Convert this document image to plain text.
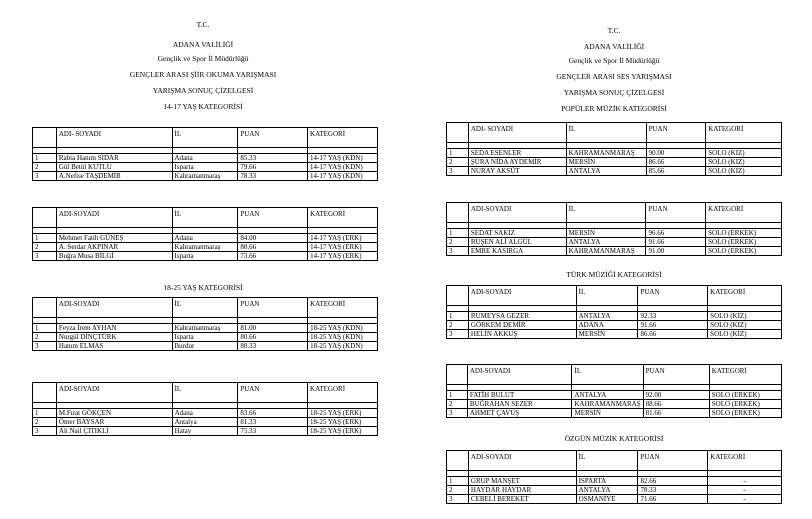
T.C.
ADANA VALİLİĞİ
Gençlik ve Spor İl Müdürlüğü
GENÇLER ARASI ŞİİR OKUMA YARIŞMASI
YARIŞMA SONUÇ ÇİZELGESİ
14-17 YAŞ KATEGORİSİ
	ADI- SOYADI	İL	PUAN	KATEGORİ

1	Rabia Hanım SIDAR	Adana	85.33	14-17 YAŞ (KDN)
2	Gül Betül KUTLU	Isparta	79.66	14-17 YAŞ (KDN)
3	A.Nefise TAŞDEMİR	Kahramanmaraş	78.33	14-17 YAŞ (KDN)
	ADI-SOYADI	İL	PUAN	KATEGORİ

1	Mehmet Fatih GÜNEŞ	Adana	84.00	14-17 YAŞ (ERK)
2	A. Serdar AKPINAR	Kahramanmaraş	80.66	14-17 YAŞ (ERK)
3	Buğra Musa BİLGİ	Isparta	73.66	14-17 YAŞ (ERK)
18-25 YAŞ KATEGORİSİ
	ADI-SOYADI	İL	PUAN	KATEGORİ

1	Feyza İrem AYHAN	Kahramanmaraş	81.00	18-25 YAŞ (KDN)
2	Nurgül DİNÇTÜRK	Isparta	80.66	18-25 YAŞ (KDN)
3	Hanım ELMAS	Burdur	80.33	18-25 YAŞ (KDN)
	ADI-SOYADI	İL	PUAN	KATEGORİ

1	M.Fırat GÖKÇEN	Adana	83.66	18-25 YAŞ (ERK)
2	Ömer BAYSAR	Antalya	81.33	18-25 YAŞ (ERK)
3	Ali Nail ÇITIKLI	Hatay	75.33	18-25 YAŞ (ERK)
T.C.
ADANA VALİLİĞİ
Gençlik ve Spor İl Müdürlüğü
GENÇLER ARASI SES YARIŞMASI
YARIŞMA SONUÇ ÇİZELGESİ
POPÜLER MÜZİK KATEGORİSİ
	ADI- SOYADI	İL	PUAN	KATEGORİ

1	SEDA ESENLER	KAHRAMANMARAŞ	90.00	SOLO (KIZ)
2	ŞURA NİDA AYDEMİR	MERSİN	86.66	SOLO (KIZ)
3	NURAY AKSÜT	ANTALYA	85.66	SOLO (KIZ)
	ADI-SOYADI	İL	PUAN	KATEGORİ

1	SEDAT SAKIZ	MERSİN	96.66	SOLO (ERKEK)
2	RUŞEN ALİ ALGÜL	ANTALYA	91.66	SOLO (ERKEK)
3	EMRE KASIRGA	KAHRAMANMARAŞ	91.00	SOLO (ERKEK)
TÜRK MÜZİĞİ KATEGORİSİ
	ADI-SOYADI	İL	PUAN	KATEGORİ

1	RUMEYSA GEZER	ANTALYA	92.33	SOLO (KIZ)
2	GÖRKEM DEMİR	ADANA	91.66	SOLO (KIZ)
3	HELİN AKKUŞ	MERSİN	86.66	SOLO (KIZ)
	ADI-SOYADI	İL	PUAN	KATEGORİ

1	FATİH BULUT	ANTALYA	92.00	SOLO (ERKEK)
2	BUĞRAHAN SEZER	KAHRAMANMARAŞ	88.66	SOLO (ERKEK)
3	AHMET ÇAVUŞ	MERSİN	81.66	SOLO (ERKEK)
ÖZGÜN MÜZİK KATEGORİSİ
	ADI-SOYADI	İL	PUAN	KATEGORİ

1	GRUP MANŞET	ISPARTA	82.66	-
2	HAYDAR HAYDAR	ANTALYA	78.33	-
3	CEBELİ BEREKET	OSMANİYE	71.66	-
